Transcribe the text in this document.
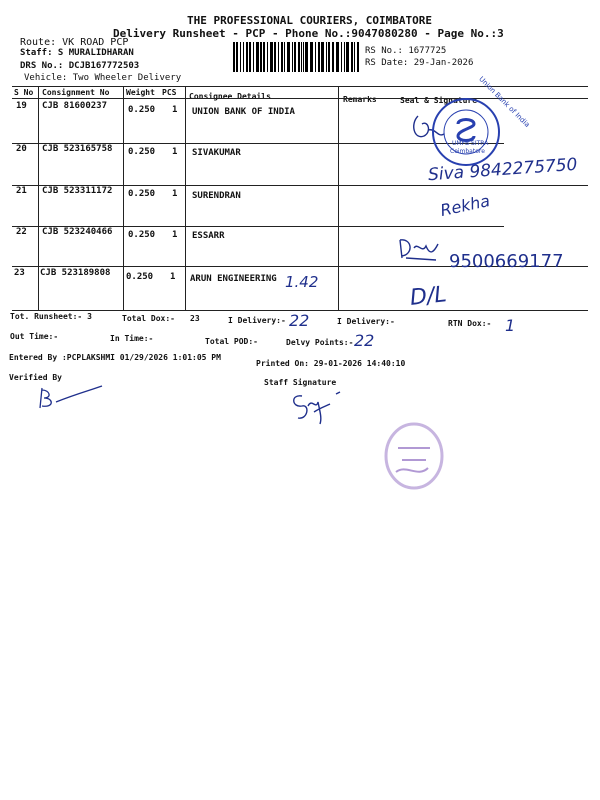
THE PROFESSIONAL COURIERS, COIMBATORE
Delivery Runsheet - PCP - Phone No.:9047080280 - Page No.:3
Route: VK ROAD PCP
Staff: S MURALIDHARAN
DRS No.: DCJB167772503
Vehicle: Two Wheeler Delivery
RS No.: 1677725
RS Date: 29-Jan-2026
S No Consignment No Weight PCS Consignee Details	Remarks	Seal & Signature
19 CJB 81600237 0.250 1 UNION BANK OF INDIA
20 CJB 523165758 0.250 1 SIVAKUMAR
21 CJB 523311172 0.250 1 SURENDRAN
22 CJB 523240466 0.250 1 ESSARR
23 CJB 523189808 0.250 1 ARUN ENGINEERING
Tot. Runsheet:- 3	Total Dox:- 23	I Delivery:-	I Delivery:-	RTN Dox:-
Out Time:-	In Time:-	Total POD:-	Delvy Points:-
Entered By :PCPLAKSHMI 01/29/2026 1:01:05 PM
Printed On: 29-01-2026 14:40:10
Verified By
Staff Signature
Siva 9842275750
Rekha
9500669177
1.42
D/L
22	1
22
Union Bank of India
UMFB SITRA
Coimbatore
